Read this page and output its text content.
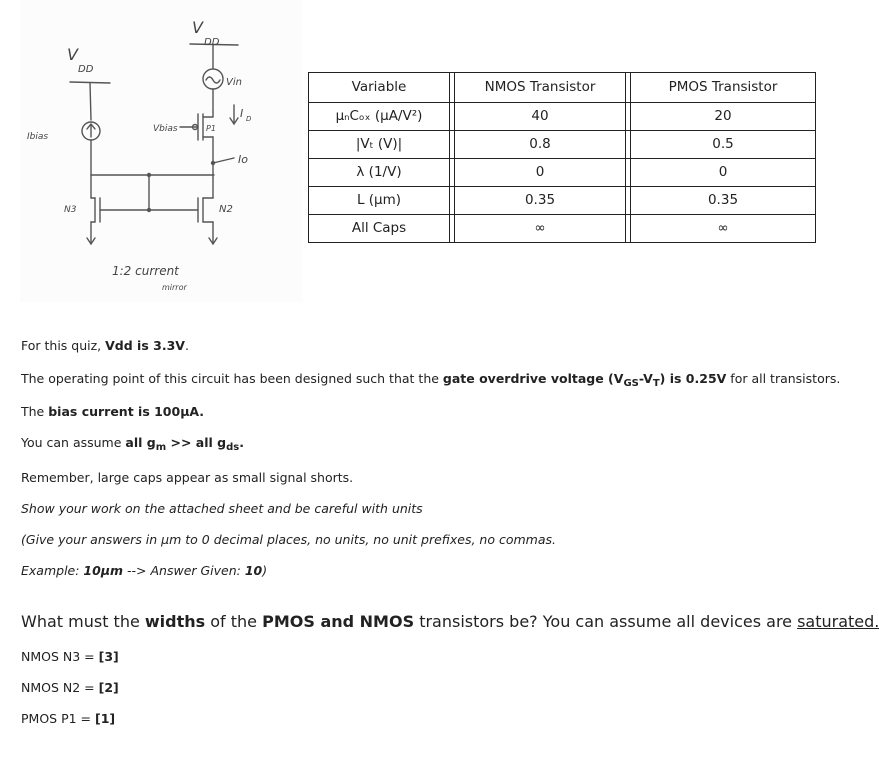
V
DD
V
DD
Vin
I D
Vbias	P1
Ibias
Io
N3	N2
1:2 current
mirror
Variable		NMOS Transistor		PMOS Transistor

μₙCₒₓ (μA/V²)		40		20

|Vₜ (V)|		0.8		0.5

λ (1/V)		0		0

L (μm)		0.35		0.35

All Caps		∞		∞
For this quiz, Vdd is 3.3V.
The operating point of this circuit has been designed such that the gate overdrive voltage $(V_{GS}-V_T)$ is 0.25V for all transistors.
The bias current is 100μA.
You can assume all $g_m$ >> all $g_{ds}$.
Remember, large caps appear as small signal shorts.
Show your work on the attached sheet and be careful with units
(Give your answers in μm to 0 decimal places, no units, no unit prefixes, no commas.
Example: 10μm --> Answer Given: 10)
What must the widths of the PMOS and NMOS transistors be? You can assume all devices are saturated.
NMOS N3 = [3]
NMOS N2 = [2]
PMOS P1 = [1]
